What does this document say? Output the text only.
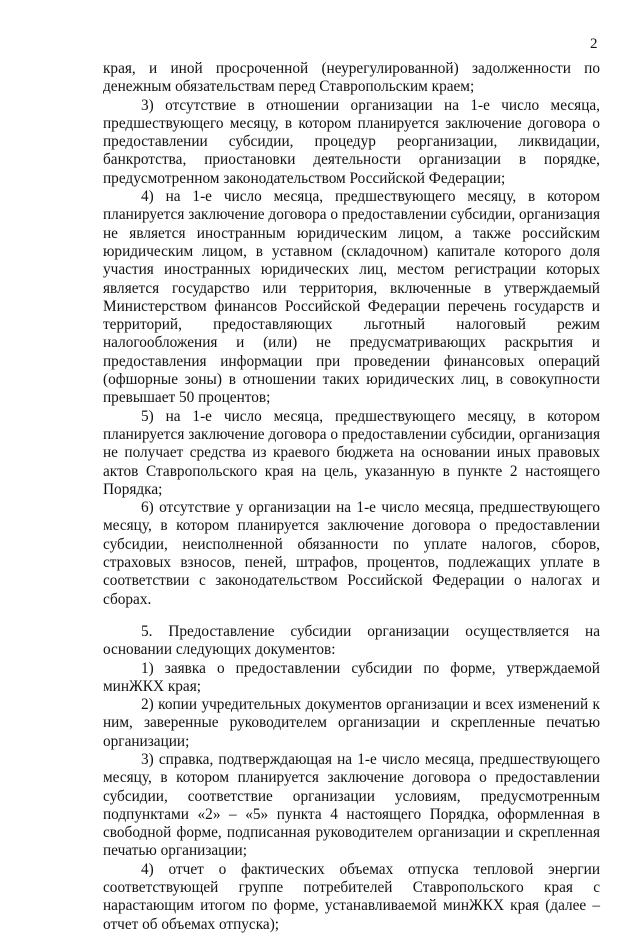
2

края, и иной просроченной (неурегулированной) задолженности по денежным обязательствам перед Ставропольским краем;

3) отсутствие в отношении организации на 1-е число месяца, предшествующего месяцу, в котором планируется заключение договора о предоставлении субсидии, процедур реорганизации, ликвидации, банкротства, приостановки деятельности организации в порядке, предусмотренном законодательством Российской Федерации;

4) на 1-е число месяца, предшествующего месяцу, в котором планируется заключение договора о предоставлении субсидии, организация не является иностранным юридическим лицом, а также российским юридическим лицом, в уставном (складочном) капитале которого доля участия иностранных юридических лиц, местом регистрации которых является государство или территория, включенные в утверждаемый Министерством финансов Российской Федерации перечень государств и территорий, предоставляющих льготный налоговый режим налогообложения и (или) не предусматривающих раскрытия и предоставления информации при проведении финансовых операций (офшорные зоны) в отношении таких юридических лиц, в совокупности превышает 50 процентов;

5) на 1-е число месяца, предшествующего месяцу, в котором планируется заключение договора о предоставлении субсидии, организация не получает средства из краевого бюджета на основании иных правовых актов Ставропольского края на цель, указанную в пункте 2 настоящего Порядка;

6) отсутствие у организации на 1-е число месяца, предшествующего месяцу, в котором планируется заключение договора о предоставлении субсидии, неисполненной обязанности по уплате налогов, сборов, страховых взносов, пеней, штрафов, процентов, подлежащих уплате в соответствии с законодательством Российской Федерации о налогах и сборах.

5. Предоставление субсидии организации осуществляется на основании следующих документов:

1) заявка о предоставлении субсидии по форме, утверждаемой минЖКХ края;

2) копии учредительных документов организации и всех изменений к ним, заверенные руководителем организации и скрепленные печатью организации;

3) справка, подтверждающая на 1-е число месяца, предшествующего месяцу, в котором планируется заключение договора о предоставлении субсидии, соответствие организации условиям, предусмотренным подпунктами «2» – «5» пункта 4 настоящего Порядка, оформленная в свободной форме, подписанная руководителем организации и скрепленная печатью организации;

4) отчет о фактических объемах отпуска тепловой энергии соответствующей группе потребителей Ставропольского края с нарастающим итогом по форме, устанавливаемой минЖКХ края (далее – отчет об объемах отпуска);
